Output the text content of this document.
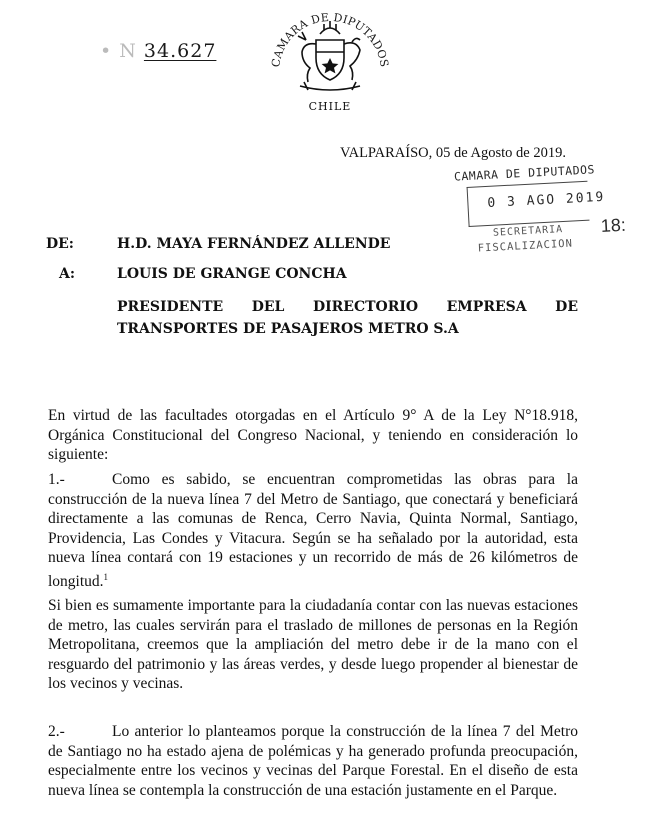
• N 34.627
CAMARA DE DIPUTADOS
CHILE
VALPARAÍSO, 05 de Agosto de 2019.
CAMARA DE DIPUTADOS
0 3 AGO 2019
SECRETARIA
FISCALIZACION
18:
DE:	H.D. MAYA FERNÁNDEZ ALLENDE
A:	LOUIS DE GRANGE CONCHA
PRESIDENTE DEL DIRECTORIO EMPRESA DE
TRANSPORTES DE PASAJEROS METRO S.A
En virtud de las facultades otorgadas en el Artículo 9° A de la Ley N°18.918, Orgánica Constitucional del Congreso Nacional, y teniendo en consideración lo siguiente:
1.-	Como es sabido, se encuentran comprometidas las obras para la construcción de la nueva línea 7 del Metro de Santiago, que conectará y beneficiará directamente a las comunas de Renca, Cerro Navia, Quinta Normal, Santiago, Providencia, Las Condes y Vitacura. Según se ha señalado por la autoridad, esta nueva línea contará con 19 estaciones y un recorrido de más de 26 kilómetros de longitud.$^1$
Si bien es sumamente importante para la ciudadanía contar con las nuevas estaciones de metro, las cuales servirán para el traslado de millones de personas en la Región Metropolitana, creemos que la ampliación del metro debe ir de la mano con el resguardo del patrimonio y las áreas verdes, y desde luego propender al bienestar de los vecinos y vecinas.
2.-	Lo anterior lo planteamos porque la construcción de la línea 7 del Metro de Santiago no ha estado ajena de polémicas y ha generado profunda preocupación, especialmente entre los vecinos y vecinas del Parque Forestal. En el diseño de esta nueva línea se contempla la construcción de una estación justamente en el Parque.
